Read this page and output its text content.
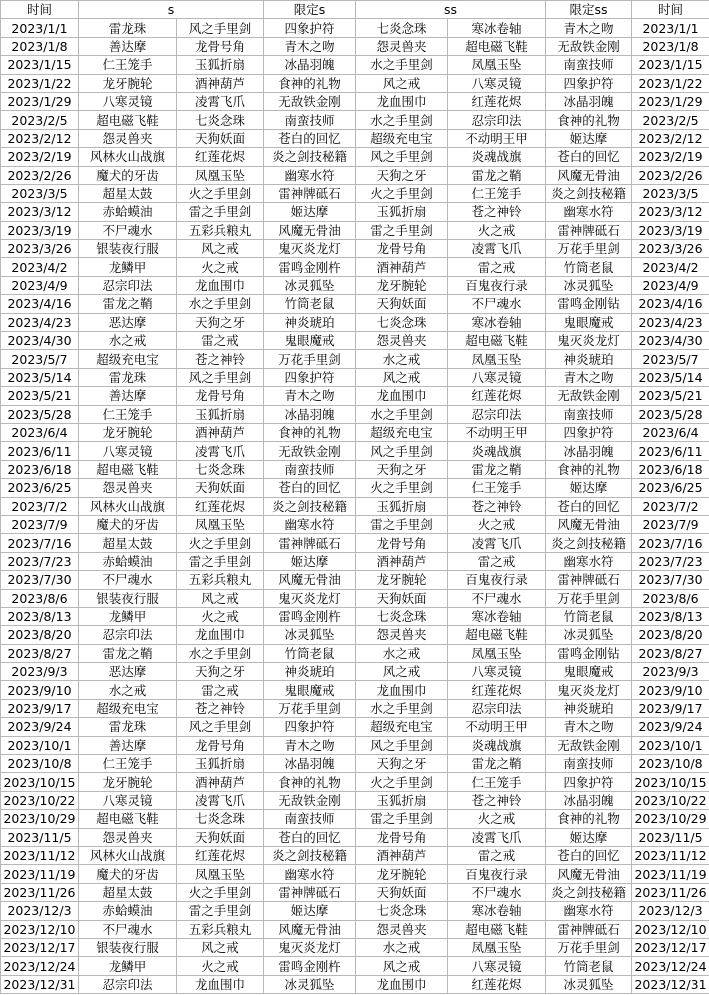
时间	s		限定s	ss		限定ss	时间
2023/1/1	雷龙珠	风之手里剑	四象护符	七炎念珠	寒冰卷轴	青木之吻	2023/1/1
2023/1/8	善达摩	龙骨号角	青木之吻	怨灵兽夹	超电磁飞鞋	无敌铁金刚	2023/1/8
2023/1/15	仁王笼手	玉狐折扇	冰晶羽魄	水之手里剑	凤凰玉坠	南蛮技师	2023/1/15
2023/1/22	龙牙腕轮	酒神葫芦	食神的礼物	风之戒	八寒灵镜	四象护符	2023/1/22
2023/1/29	八寒灵镜	凌霄飞爪	无敌铁金刚	龙血围巾	红莲花烬	冰晶羽魄	2023/1/29
2023/2/5	超电磁飞鞋	七炎念珠	南蛮技师	水之手里剑	忍宗印法	食神的礼物	2023/2/5
2023/2/12	怨灵兽夹	天狗妖面	苍白的回忆	超级充电宝	不动明王甲	姬达摩	2023/2/12
2023/2/19	风林火山战旗	红莲花烬	炎之剑技秘籍	风之手里剑	炎魂战旗	苍白的回忆	2023/2/19
2023/2/26	魔犬的牙齿	凤凰玉坠	幽寒水符	天狗之牙	雷龙之鞘	风魔无骨油	2023/2/26
2023/3/5	超星太鼓	火之手里剑	雷神牌砥石	火之手里剑	仁王笼手	炎之剑技秘籍	2023/3/5
2023/3/12	赤蛤蟆油	雷之手里剑	姬达摩	玉狐折扇	苍之神铃	幽寒水符	2023/3/12
2023/3/19	不尸魂水	五彩兵粮丸	风魔无骨油	雷之手里剑	火之戒	雷神牌砥石	2023/3/19
2023/3/26	银装夜行服	风之戒	鬼灭炎龙灯	龙骨号角	凌霄飞爪	万花手里剑	2023/3/26
2023/4/2	龙鳞甲	火之戒	雷鸣金刚杵	酒神葫芦	雷之戒	竹筒老鼠	2023/4/2
2023/4/9	忍宗印法	龙血围巾	冰灵狐坠	龙牙腕轮	百鬼夜行录	冰灵狐坠	2023/4/9
2023/4/16	雷龙之鞘	水之手里剑	竹筒老鼠	天狗妖面	不尸魂水	雷鸣金刚钻	2023/4/16
2023/4/23	恶达摩	天狗之牙	神炎琥珀	七炎念珠	寒冰卷轴	鬼眼魔戒	2023/4/23
2023/4/30	水之戒	雷之戒	鬼眼魔戒	怨灵兽夹	超电磁飞鞋	鬼灭炎龙灯	2023/4/30
2023/5/7	超级充电宝	苍之神铃	万花手里剑	水之戒	凤凰玉坠	神炎琥珀	2023/5/7
2023/5/14	雷龙珠	风之手里剑	四象护符	风之戒	八寒灵镜	青木之吻	2023/5/14
2023/5/21	善达摩	龙骨号角	青木之吻	龙血围巾	红莲花烬	无敌铁金刚	2023/5/21
2023/5/28	仁王笼手	玉狐折扇	冰晶羽魄	水之手里剑	忍宗印法	南蛮技师	2023/5/28
2023/6/4	龙牙腕轮	酒神葫芦	食神的礼物	超级充电宝	不动明王甲	四象护符	2023/6/4
2023/6/11	八寒灵镜	凌霄飞爪	无敌铁金刚	风之手里剑	炎魂战旗	冰晶羽魄	2023/6/11
2023/6/18	超电磁飞鞋	七炎念珠	南蛮技师	天狗之牙	雷龙之鞘	食神的礼物	2023/6/18
2023/6/25	怨灵兽夹	天狗妖面	苍白的回忆	火之手里剑	仁王笼手	姬达摩	2023/6/25
2023/7/2	风林火山战旗	红莲花烬	炎之剑技秘籍	玉狐折扇	苍之神铃	苍白的回忆	2023/7/2
2023/7/9	魔犬的牙齿	凤凰玉坠	幽寒水符	雷之手里剑	火之戒	风魔无骨油	2023/7/9
2023/7/16	超星太鼓	火之手里剑	雷神牌砥石	龙骨号角	凌霄飞爪	炎之剑技秘籍	2023/7/16
2023/7/23	赤蛤蟆油	雷之手里剑	姬达摩	酒神葫芦	雷之戒	幽寒水符	2023/7/23
2023/7/30	不尸魂水	五彩兵粮丸	风魔无骨油	龙牙腕轮	百鬼夜行录	雷神牌砥石	2023/7/30
2023/8/6	银装夜行服	风之戒	鬼灭炎龙灯	天狗妖面	不尸魂水	万花手里剑	2023/8/6
2023/8/13	龙鳞甲	火之戒	雷鸣金刚杵	七炎念珠	寒冰卷轴	竹筒老鼠	2023/8/13
2023/8/20	忍宗印法	龙血围巾	冰灵狐坠	怨灵兽夹	超电磁飞鞋	冰灵狐坠	2023/8/20
2023/8/27	雷龙之鞘	水之手里剑	竹筒老鼠	水之戒	凤凰玉坠	雷鸣金刚钻	2023/8/27
2023/9/3	恶达摩	天狗之牙	神炎琥珀	风之戒	八寒灵镜	鬼眼魔戒	2023/9/3
2023/9/10	水之戒	雷之戒	鬼眼魔戒	龙血围巾	红莲花烬	鬼灭炎龙灯	2023/9/10
2023/9/17	超级充电宝	苍之神铃	万花手里剑	水之手里剑	忍宗印法	神炎琥珀	2023/9/17
2023/9/24	雷龙珠	风之手里剑	四象护符	超级充电宝	不动明王甲	青木之吻	2023/9/24
2023/10/1	善达摩	龙骨号角	青木之吻	风之手里剑	炎魂战旗	无敌铁金刚	2023/10/1
2023/10/8	仁王笼手	玉狐折扇	冰晶羽魄	天狗之牙	雷龙之鞘	南蛮技师	2023/10/8
2023/10/15	龙牙腕轮	酒神葫芦	食神的礼物	火之手里剑	仁王笼手	四象护符	2023/10/15
2023/10/22	八寒灵镜	凌霄飞爪	无敌铁金刚	玉狐折扇	苍之神铃	冰晶羽魄	2023/10/22
2023/10/29	超电磁飞鞋	七炎念珠	南蛮技师	雷之手里剑	火之戒	食神的礼物	2023/10/29
2023/11/5	怨灵兽夹	天狗妖面	苍白的回忆	龙骨号角	凌霄飞爪	姬达摩	2023/11/5
2023/11/12	风林火山战旗	红莲花烬	炎之剑技秘籍	酒神葫芦	雷之戒	苍白的回忆	2023/11/12
2023/11/19	魔犬的牙齿	凤凰玉坠	幽寒水符	龙牙腕轮	百鬼夜行录	风魔无骨油	2023/11/19
2023/11/26	超星太鼓	火之手里剑	雷神牌砥石	天狗妖面	不尸魂水	炎之剑技秘籍	2023/11/26
2023/12/3	赤蛤蟆油	雷之手里剑	姬达摩	七炎念珠	寒冰卷轴	幽寒水符	2023/12/3
2023/12/10	不尸魂水	五彩兵粮丸	风魔无骨油	怨灵兽夹	超电磁飞鞋	雷神牌砥石	2023/12/10
2023/12/17	银装夜行服	风之戒	鬼灭炎龙灯	水之戒	凤凰玉坠	万花手里剑	2023/12/17
2023/12/24	龙鳞甲	火之戒	雷鸣金刚杵	风之戒	八寒灵镜	竹筒老鼠	2023/12/24
2023/12/31	忍宗印法	龙血围巾	冰灵狐坠	龙血围巾	红莲花烬	冰灵狐坠	2023/12/31
